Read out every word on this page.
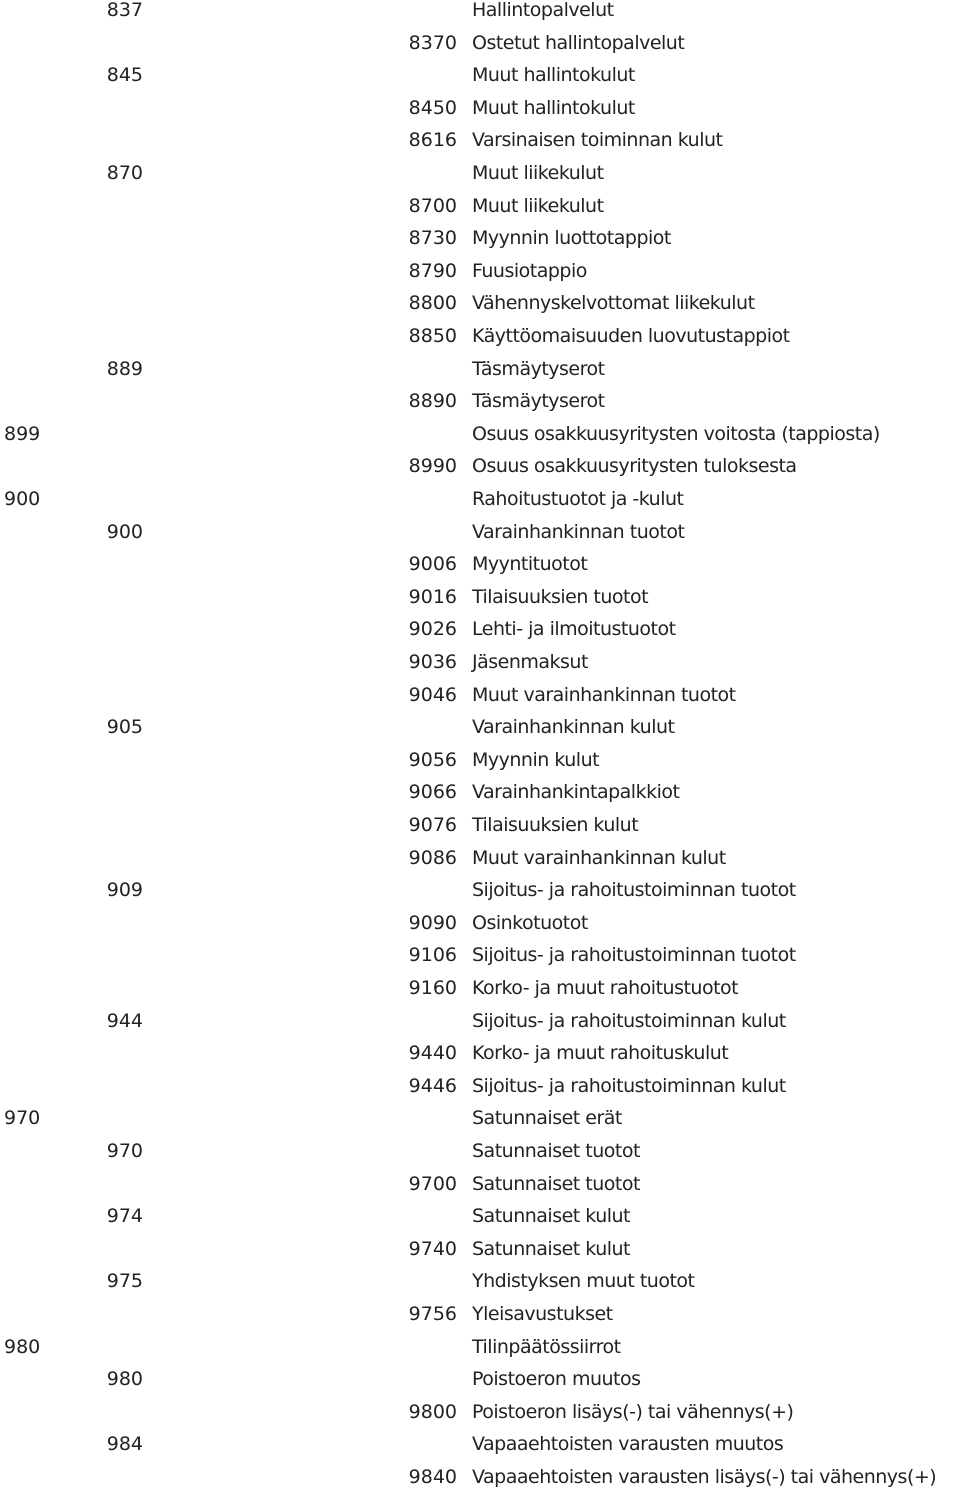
837	Hallintopalvelut
8370 Ostetut hallintopalvelut
845	Muut hallintokulut
8450 Muut hallintokulut
8616 Varsinaisen toiminnan kulut
870	Muut liikekulut
8700 Muut liikekulut
8730 Myynnin luottotappiot
8790 Fuusiotappio
8800 Vähennyskelvottomat liikekulut
8850 Käyttöomaisuuden luovutustappiot
889	Täsmäytyserot
8890 Täsmäytyserot
899	Osuus osakkuusyritysten voitosta (tappiosta)
8990 Osuus osakkuusyritysten tuloksesta
900	Rahoitustuotot ja -kulut
900	Varainhankinnan tuotot
9006 Myyntituotot
9016 Tilaisuuksien tuotot
9026 Lehti- ja ilmoitustuotot
9036 Jäsenmaksut
9046 Muut varainhankinnan tuotot
905	Varainhankinnan kulut
9056 Myynnin kulut
9066 Varainhankintapalkkiot
9076 Tilaisuuksien kulut
9086 Muut varainhankinnan kulut
909	Sijoitus- ja rahoitustoiminnan tuotot
9090 Osinkotuotot
9106 Sijoitus- ja rahoitustoiminnan tuotot
9160 Korko- ja muut rahoitustuotot
944	Sijoitus- ja rahoitustoiminnan kulut
9440 Korko- ja muut rahoituskulut
9446 Sijoitus- ja rahoitustoiminnan kulut
970	Satunnaiset erät
970	Satunnaiset tuotot
9700 Satunnaiset tuotot
974	Satunnaiset kulut
9740 Satunnaiset kulut
975	Yhdistyksen muut tuotot
9756 Yleisavustukset
980	Tilinpäätössiirrot
980	Poistoeron muutos
9800 Poistoeron lisäys(-) tai vähennys(+)
984	Vapaaehtoisten varausten muutos
9840 Vapaaehtoisten varausten lisäys(-) tai vähennys(+)
